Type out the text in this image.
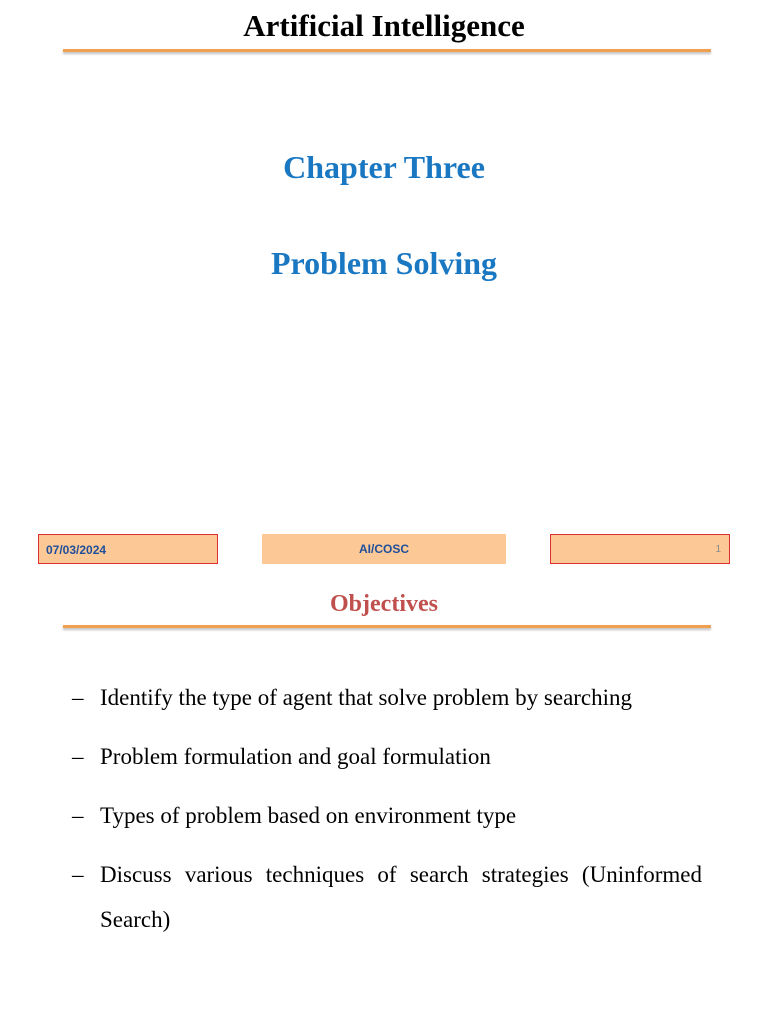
Artificial Intelligence
Chapter Three
Problem Solving
07/03/2024	AI/COSC	1
Objectives
– Identify the type of agent that solve problem by searching
– Problem formulation and goal formulation
– Types of problem based on environment type
– Discuss various techniques of search strategies (Uninformed Search)
